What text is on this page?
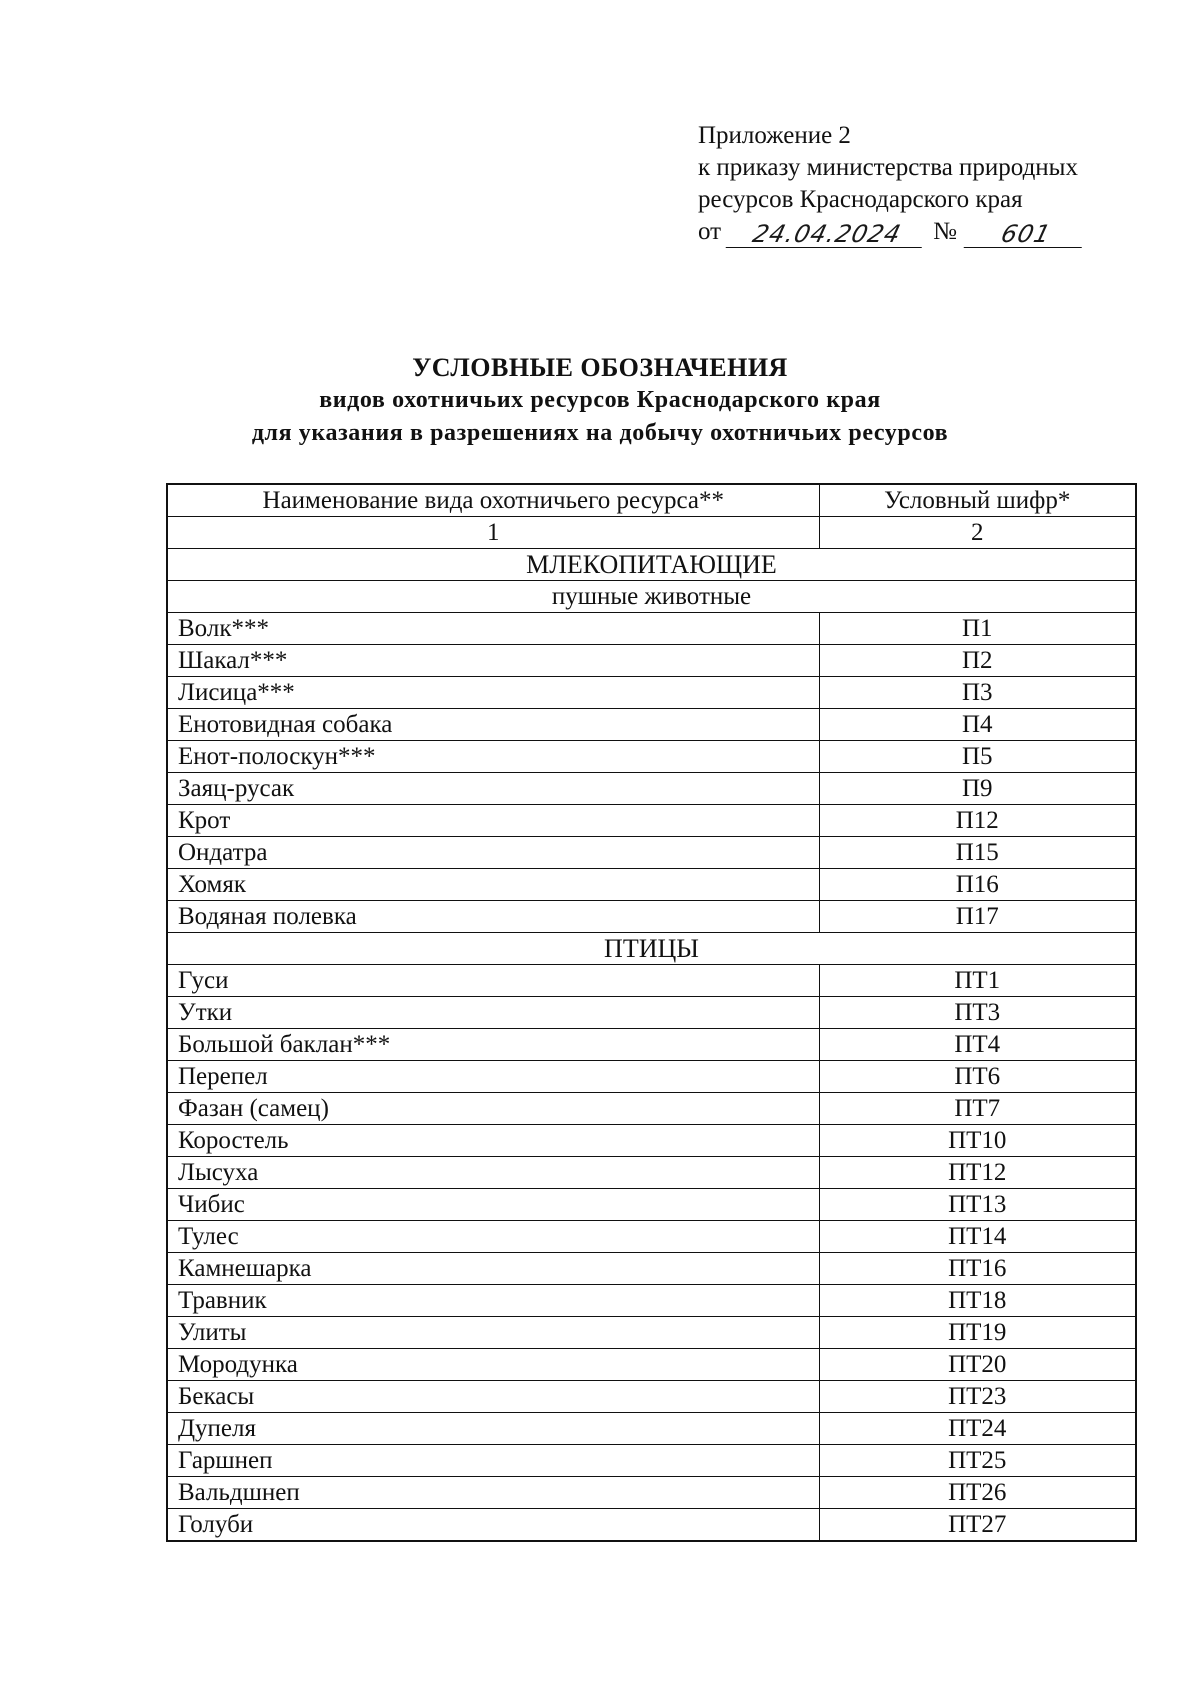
Приложение 2
к приказу министерства природных
ресурсов Краснодарского края
от	24.04.2024	№	601
УСЛОВНЫЕ ОБОЗНАЧЕНИЯ
видов охотничьих ресурсов Краснодарского края
для указания в разрешениях на добычу охотничьих ресурсов
Наименование вида охотничьего ресурса**	Условный шифр*
1	2
МЛЕКОПИТАЮЩИЕ	
пушные животные	
Волк***	П1
Шакал***	П2
Лисица***	П3
Енотовидная собака	П4
Енот-полоскун***	П5
Заяц-русак	П9
Крот	П12
Ондатра	П15
Хомяк	П16
Водяная полевка	П17
ПТИЦЫ	
Гуси	ПТ1
Утки	ПТ3
Большой баклан***	ПТ4
Перепел	ПТ6
Фазан (самец)	ПТ7
Коростель	ПТ10
Лысуха	ПТ12
Чибис	ПТ13
Тулес	ПТ14
Камнешарка	ПТ16
Травник	ПТ18
Улиты	ПТ19
Мородунка	ПТ20
Бекасы	ПТ23
Дупеля	ПТ24
Гаршнеп	ПТ25
Вальдшнеп	ПТ26
Голуби	ПТ27
